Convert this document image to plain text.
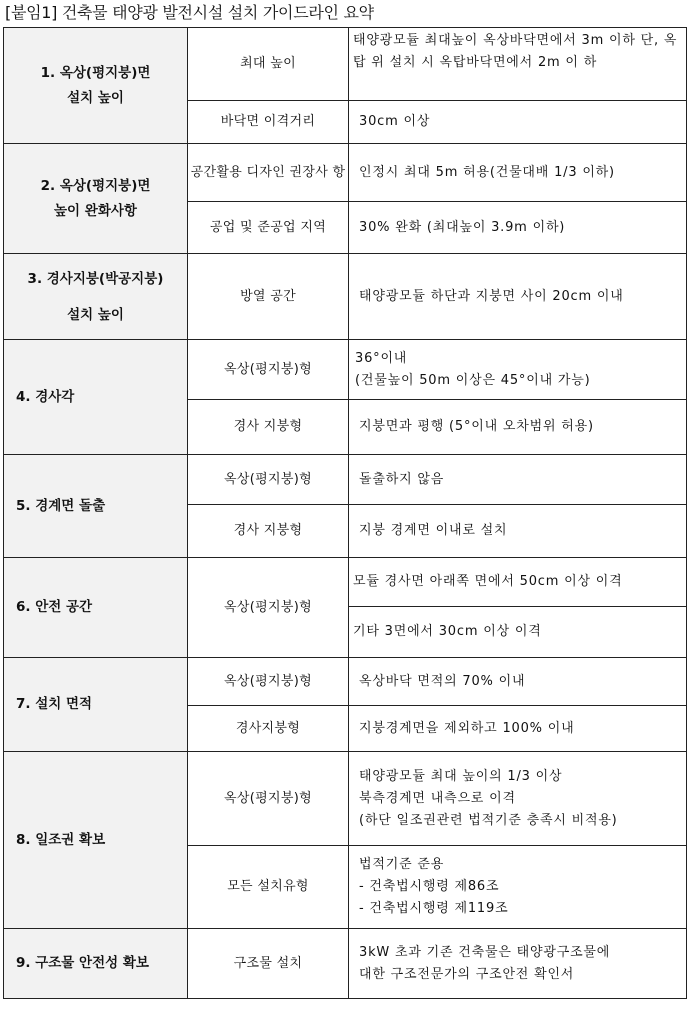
[붙임1] 건축물 태양광 발전시설 설치 가이드라인 요약
1. 옥상(평지붕)면
설치 높이	최대 높이	태양광모듈 최대높이 옥상바닥면에서 3m 이하 단, 옥탑 위 설치 시 옥탑바닥면에서 2m 이 하
	바닥면 이격거리	30cm 이상

2. 옥상(평지붕)면
높이 완화사항	공간활용 디자인 권장사 항	인정시 최대 5m 허용(건물대배 1/3 이하)
	공업 및 준공업 지역	30% 완화 (최대높이 3.9m 이하)

3. 경사지붕(박공지붕)
설치 높이	방열 공간	태양광모듈 하단과 지붕면 사이 20cm 이내
4. 경사각	옥상(평지붕)형	36°이내
(건물높이 50m 이상은 45°이내 가능)

	경사 지붕형	지붕면과 평행 (5°이내 오차범위 허용)
5. 경계면 돌출	옥상(평지붕)형	돌출하지 않음
	경사 지붕형	지붕 경계면 이내로 설치
6. 안전 공간	옥상(평지붕)형	모듈 경사면 아래쪽 면에서 50cm 이상 이격
기타 3면에서 30cm 이상 이격

7. 설치 면적	옥상(평지붕)형	옥상바닥 면적의 70% 이내
	경사지붕형	지붕경계면을 제외하고 100% 이내
8. 일조권 확보	옥상(평지붕)형	태양광모듈 최대 높이의 1/3 이상
북측경계면 내측으로 이격
(하단 일조권관련 법적기준 충족시 비적용)

	모든 설치유형	법적기준 준용
- 건축법시행령 제86조
- 건축법시행령 제119조

9. 구조물 안전성 확보	구조물 설치	3kW 초과 기존 건축물은 태양광구조물에
대한 구조전문가의 구조안전 확인서
